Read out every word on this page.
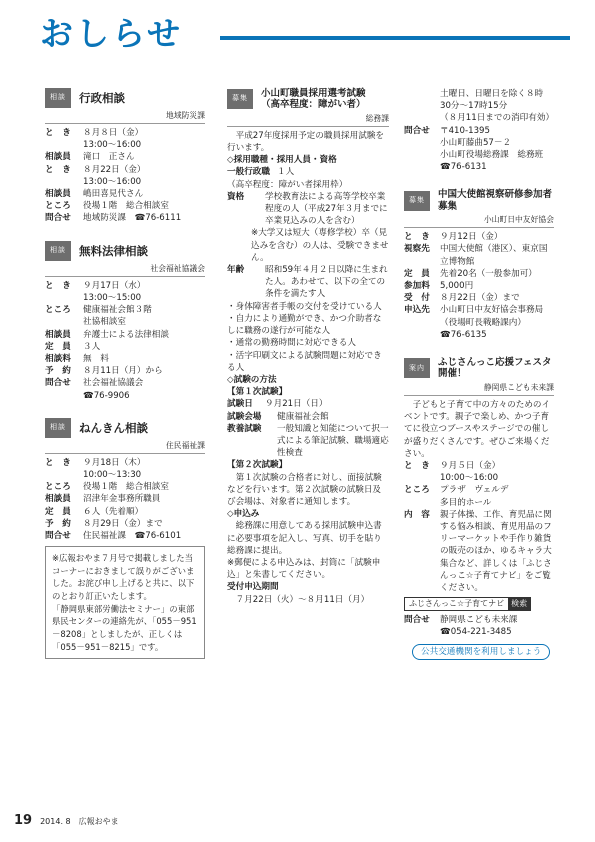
おしらせ
相談	行政相談
地域防災課
と　き	８月８日（金）
13:00～16:00
相談員	滝口　正さん
と　き	８月22日（金）
13:00～16:00
相談員	嶋田喜見代さん
ところ	役場１階　総合相談室
問合せ	地域防災課　☎76-6111
相談	無料法律相談
社会福祉協議会
と　き	９月17日（水）
13:00～15:00
ところ	健康福祉会館３階
社協相談室
相談員	弁護士による法律相談
定　員	３人
相談料	無　料
予　約	８月11日（月）から
問合せ	社会福祉協議会
☎76-9906
相談	ねんきん相談
住民福祉課
と　き	９月18日（木）
10:00～13:30
ところ	役場１階　総合相談室
相談員	沼津年金事務所職員
定　員	６人（先着順）
予　約	８月29日（金）まで
問合せ	住民福祉課　☎76-6101
※広報おやま７月号で掲載しました当コーナーにおきまして誤りがございました。お詫び申し上げると共に、以下のとおり訂正いたします。
「静岡県東部労働法セミナー」の東部県民センターの連絡先が、「055－951－8208」としましたが、正しくは「055－951－8215」です。
募集	小山町職員採用選考試験
（高卒程度：障がい者）
総務課
　平成27年度採用予定の職員採用試験を行います。
◇採用職種・採用人員・資格
一般行政職 １人
（高卒程度：障がい者採用枠）
資格	学校教育法による高等学校卒業程度の人（平成27年３月までに卒業見込みの人を含む）
※大学又は短大（専修学校）卒（見込みを含む）の人は、受験できません。
年齢	昭和59年４月２日以降に生まれた人。あわせて、以下の全ての条件を満たす人
・身体障害者手帳の交付を受けている人
・自力により通勤ができ、かつ介助者なしに職務の遂行が可能な人
・通常の勤務時間に対応できる人
・活字印刷文による試験問題に対応できる人
◇試験の方法
【第１次試験】
試験日	９月21日（日）
試験会場	健康福祉会館
教養試験	一般知識と知能について択一式による筆記試験、職場適応性検査
【第２次試験】
　第１次試験の合格者に対し、面接試験などを行います。第２次試験の試験日及び会場は、対象者に通知します。
◇申込み
　総務課に用意してある採用試験申込書に必要事項を記入し、写真、切手を貼り総務課に提出。
※郵便による申込みは、封筒に「試験申込」と朱書してください。
受付申込期間
　７月22日（火）～８月11日（月）
土曜日、日曜日を除く８時30分～17時15分
（８月11日までの消印有効）
問合せ	〒410-1395
小山町藤曲57－２
小山町役場総務課　総務班
☎76-6131
募集	中国大使館視察研修参加者募集
小山町日中友好協会
と　き	９月12日（金）
視察先	中国大使館（港区）、東京国立博物館
定　員	先着20名（一般参加可）
参加料	5,000円
受　付	８月22日（金）まで
申込先	小山町日中友好協会事務局（役場町長戦略課内）
☎76-6135
案内	ふじさんっこ応援フェスタ開催！
静岡県こども未来課
　子どもと子育て中の方々のためのイベントです。親子で楽しめ、かつ子育てに役立つブースやステージでの催しが盛りだくさんです。ぜひご来場ください。
と　き	９月５日（金）
10:00～16:00
ところ	プラザ　ヴェルデ
多目的ホール
内　容	親子体操、工作、育児品に関する悩み相談、育児用品のフリーマーケットや手作り雑貨の販売のほか、ゆるキャラ大集合など、詳しくは「ふじさんっこ☆子育てナビ」をご覧ください。
ふじさんっこ☆子育てナビ 検索
問合せ	静岡県こども未来課
☎054-221-3485
公共交通機関を利用しましょう
19 2014. 8 広報おやま
